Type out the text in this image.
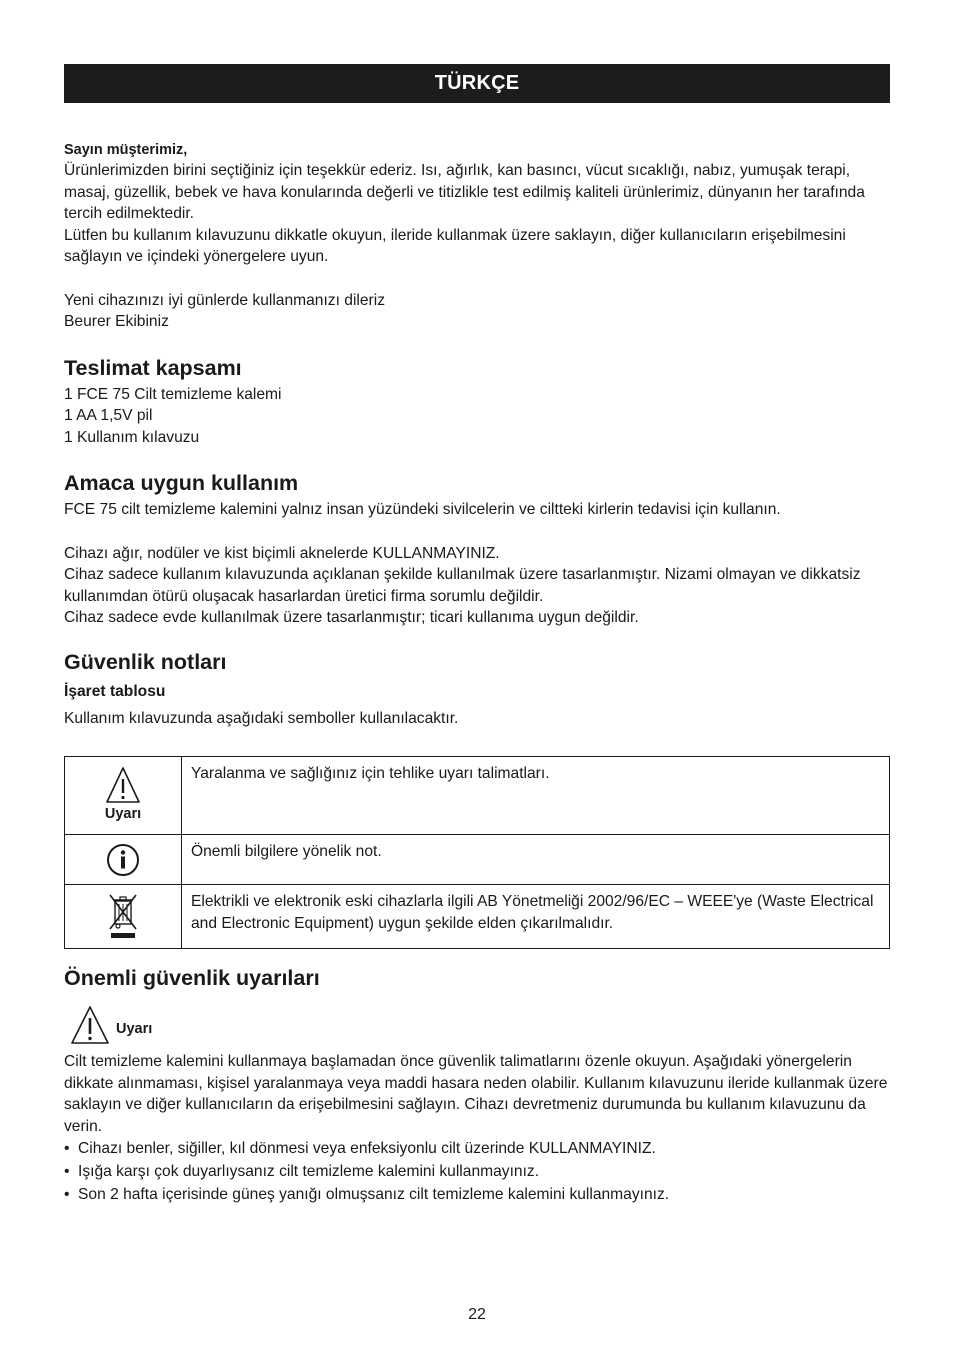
TÜRKÇE

Sayın müşterimiz,

Ürünlerimizden birini seçtiğiniz için teşekkür ederiz. Isı, ağırlık, kan basıncı, vücut sıcaklığı, nabız, yumuşak terapi, masaj, güzellik, bebek ve hava konularında değerli ve titizlikle test edilmiş kaliteli ürünlerimiz, dünyanın her tarafında tercih edilmektedir.

Lütfen bu kullanım kılavuzunu dikkatle okuyun, ileride kullanmak üzere saklayın, diğer kullanıcıların erişebilmesini sağlayın ve içindeki yönergelere uyun.

Yeni cihazınızı iyi günlerde kullanmanızı dileriz

Beurer Ekibiniz

Teslimat kapsamı

1 FCE 75 Cilt temizleme kalemi

1 AA 1,5V pil

1 Kullanım kılavuzu

Amaca uygun kullanım

FCE 75 cilt temizleme kalemini yalnız insan yüzündeki sivilcelerin ve ciltteki kirlerin tedavisi için kullanın.

Cihazı ağır, nodüler ve kist biçimli aknelerde KULLANMAYINIZ.

Cihaz sadece kullanım kılavuzunda açıklanan şekilde kullanılmak üzere tasarlanmıştır. Nizami olmayan ve dikkatsiz kullanımdan ötürü oluşacak hasarlardan üretici firma sorumlu değildir.

Cihaz sadece evde kullanılmak üzere tasarlanmıştır; ticari kullanıma uygun değildir.

Güvenlik notları
İşaret tablosu

Kullanım kılavuzunda aşağıdaki semboller kullanılacaktır.

Uyarı	Yaralanma ve sağlığınız için tehlike uyarı talimatları.

	Önemli bilgilere yönelik not.

	Elektrikli ve elektronik eski cihazlarla ilgili AB Yönetmeliği 2002/96/EC – WEEE'ye (Waste Electrical and Electronic Equipment) uygun şekilde elden çıkarılmalıdır.
Önemli güvenlik uyarıları
Uyarı

Cilt temizleme kalemini kullanmaya başlamadan önce güvenlik talimatlarını özenle okuyun. Aşağıdaki yönergelerin dikkate alınmaması, kişisel yaralanmaya veya maddi hasara neden olabilir. Kullanım kılavuzunu ileride kullanmak üzere saklayın ve diğer kullanıcıların da erişebilmesini sağlayın. Cihazı devretmeniz durumunda bu kullanım kılavuzunu da verin.

• Cihazı benler, siğiller, kıl dönmesi veya enfeksiyonlu cilt üzerinde KULLANMAYINIZ.
• Işığa karşı çok duyarlıysanız cilt temizleme kalemini kullanmayınız.
• Son 2 hafta içerisinde güneş yanığı olmuşsanız cilt temizleme kalemini kullanmayınız.
22
